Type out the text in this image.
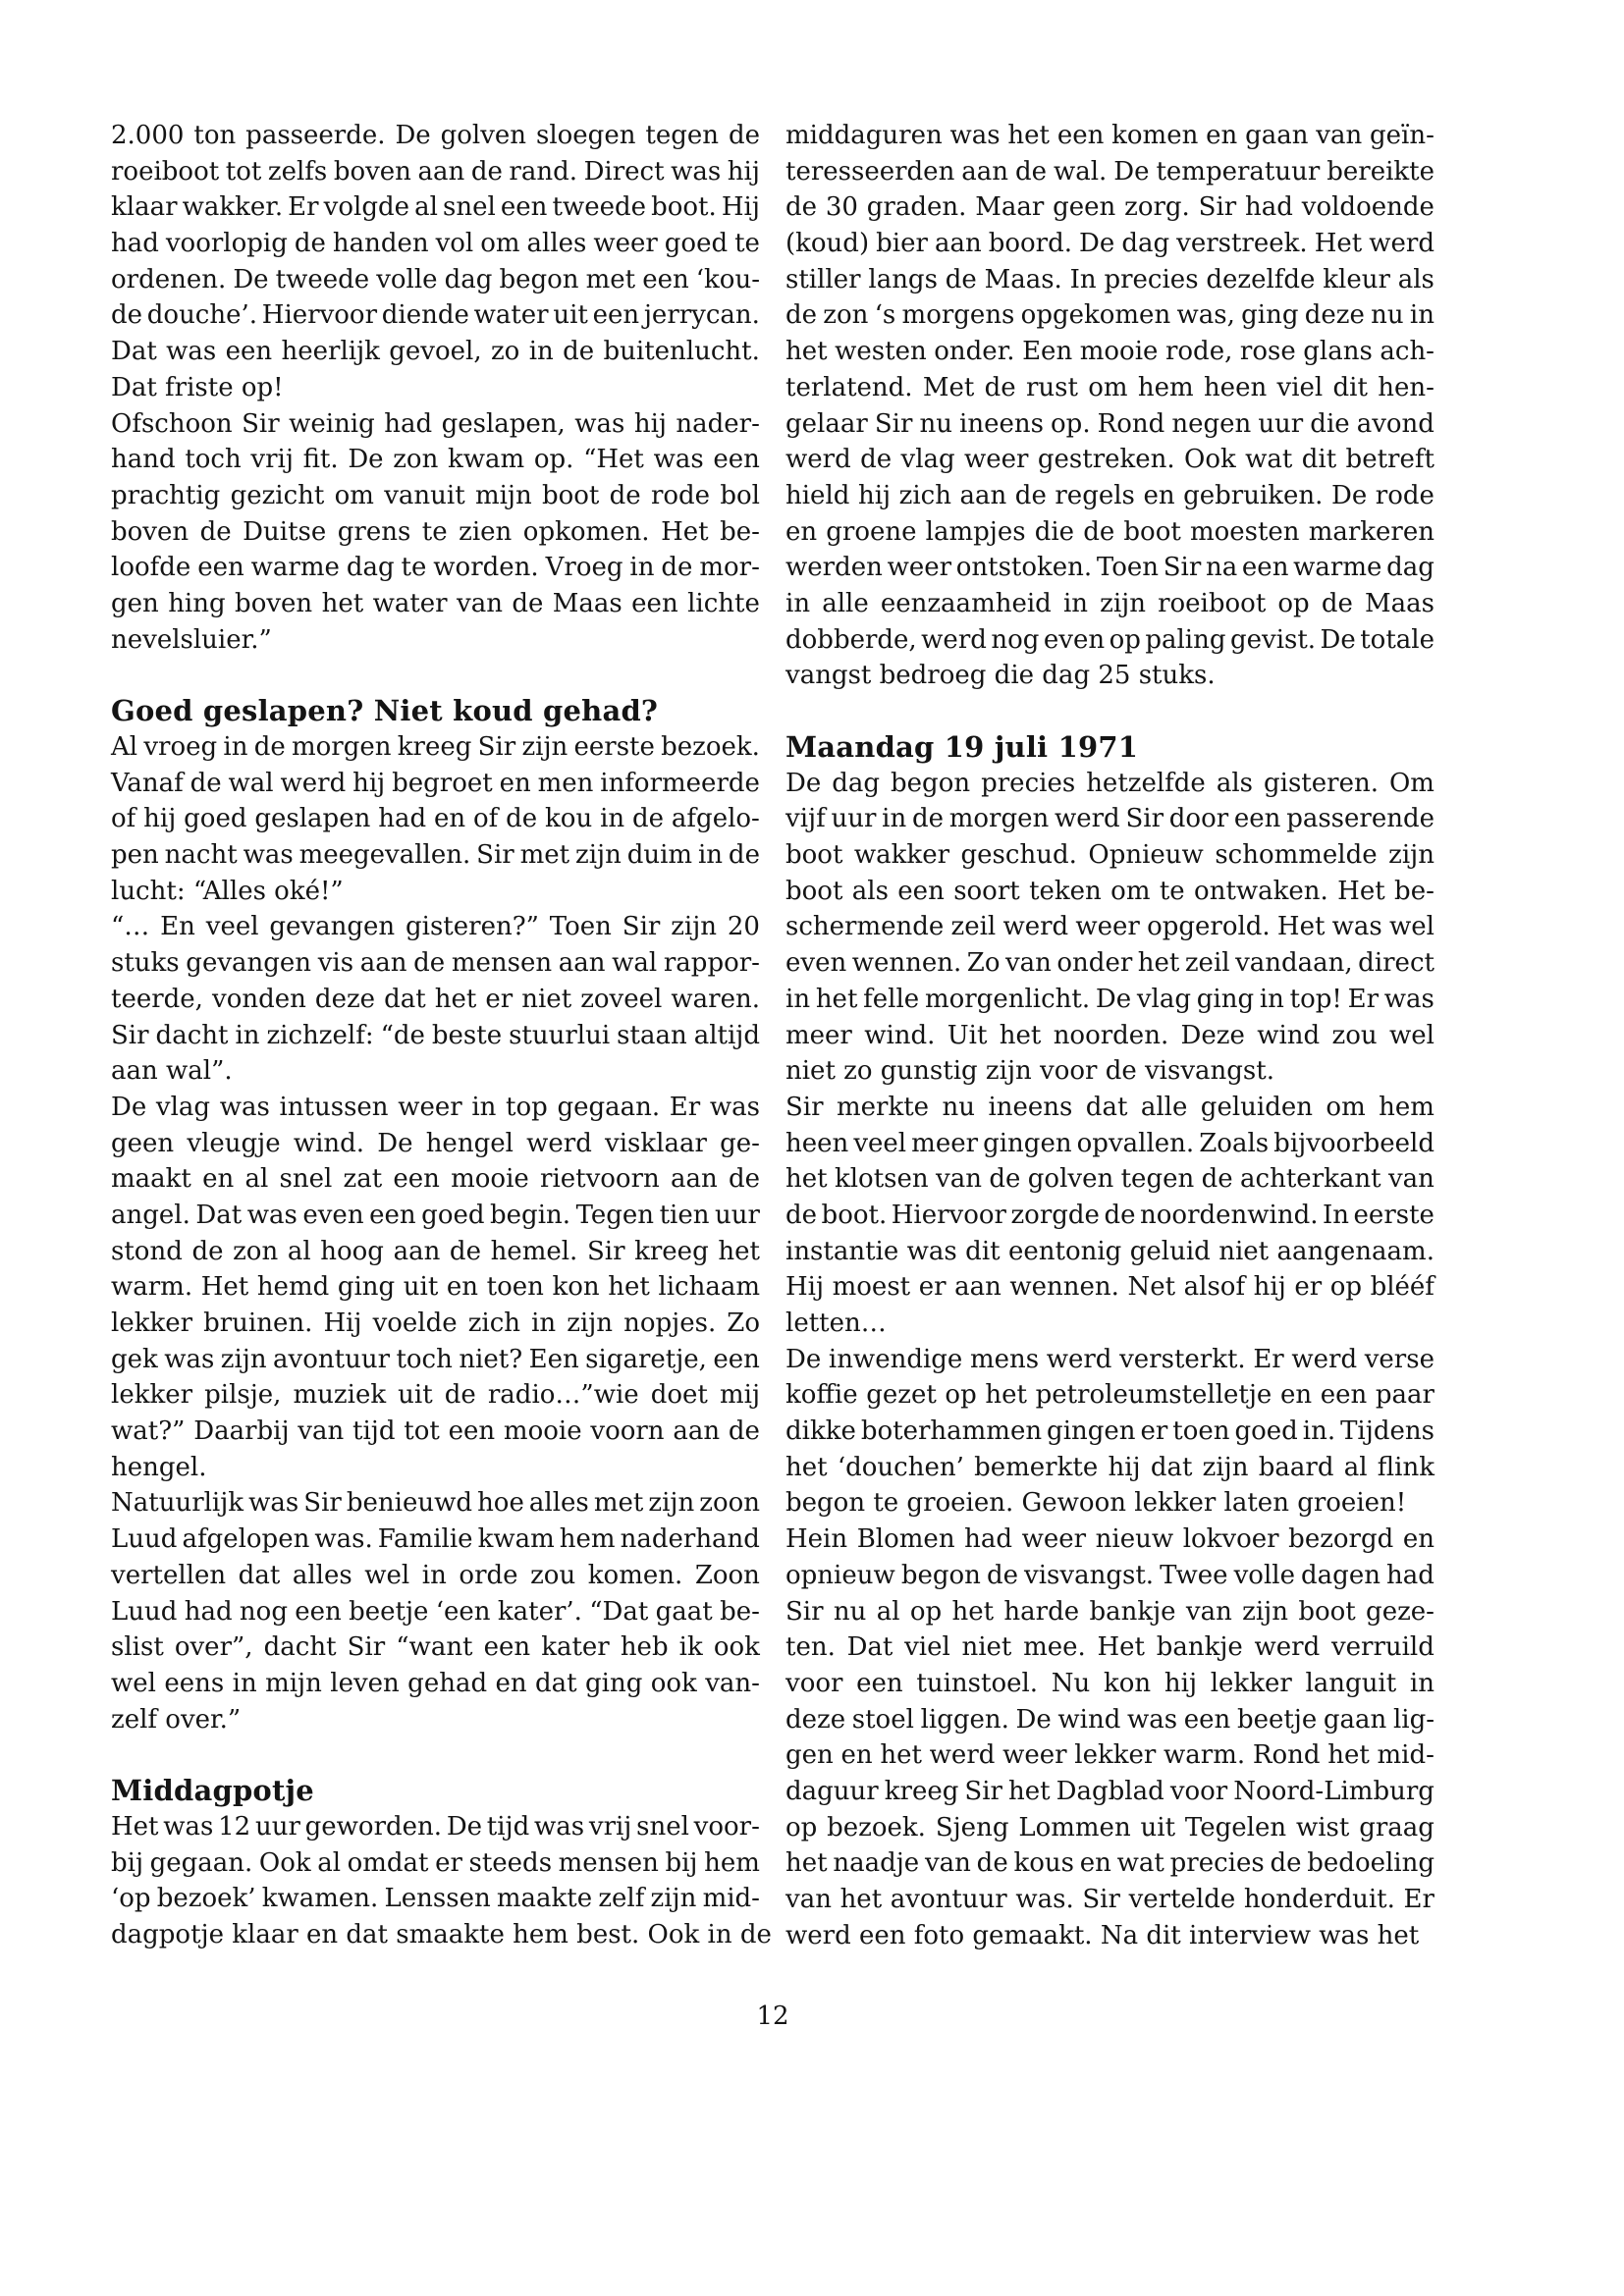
2.000 ton passeerde. De golven sloegen tegen de
roeiboot tot zelfs boven aan de rand. Direct was hij
klaar wakker. Er volgde al snel een tweede boot. Hij
had voorlopig de handen vol om alles weer goed te
ordenen. De tweede volle dag begon met een ‘kou-
de douche’. Hiervoor diende water uit een jerrycan.
Dat was een heerlijk gevoel, zo in de buitenlucht.
Dat friste op!
Ofschoon Sir weinig had geslapen, was hij nader-
hand toch vrij fit. De zon kwam op. “Het was een
prachtig gezicht om vanuit mijn boot de rode bol
boven de Duitse grens te zien opkomen. Het be-
loofde een warme dag te worden. Vroeg in de mor-
gen hing boven het water van de Maas een lichte
nevelsluier.”
Goed geslapen? Niet koud gehad?
Al vroeg in de morgen kreeg Sir zijn eerste bezoek.
Vanaf de wal werd hij begroet en men informeerde
of hij goed geslapen had en of de kou in de afgelo-
pen nacht was meegevallen. Sir met zijn duim in de
lucht: “Alles oké!”
“… En veel gevangen gisteren?” Toen Sir zijn 20
stuks gevangen vis aan de mensen aan wal rappor-
teerde, vonden deze dat het er niet zoveel waren.
Sir dacht in zichzelf: “de beste stuurlui staan altijd
aan wal”.
De vlag was intussen weer in top gegaan. Er was
geen vleugje wind. De hengel werd visklaar ge-
maakt en al snel zat een mooie rietvoorn aan de
angel. Dat was even een goed begin. Tegen tien uur
stond de zon al hoog aan de hemel. Sir kreeg het
warm. Het hemd ging uit en toen kon het lichaam
lekker bruinen. Hij voelde zich in zijn nopjes. Zo
gek was zijn avontuur toch niet? Een sigaretje, een
lekker pilsje, muziek uit de radio…”wie doet mij
wat?” Daarbij van tijd tot een mooie voorn aan de
hengel.
Natuurlijk was Sir benieuwd hoe alles met zijn zoon
Luud afgelopen was. Familie kwam hem naderhand
vertellen dat alles wel in orde zou komen. Zoon
Luud had nog een beetje ‘een kater’. “Dat gaat be-
slist over”, dacht Sir “want een kater heb ik ook
wel eens in mijn leven gehad en dat ging ook van-
zelf over.”
Middagpotje
Het was 12 uur geworden. De tijd was vrij snel voor-
bij gegaan. Ook al omdat er steeds mensen bij hem
‘op bezoek’ kwamen. Lenssen maakte zelf zijn mid-
dagpotje klaar en dat smaakte hem best. Ook in de
middaguren was het een komen en gaan van geïn-
teresseerden aan de wal. De temperatuur bereikte
de 30 graden. Maar geen zorg. Sir had voldoende
(koud) bier aan boord. De dag verstreek. Het werd
stiller langs de Maas. In precies dezelfde kleur als
de zon ‘s morgens opgekomen was, ging deze nu in
het westen onder. Een mooie rode, rose glans ach-
terlatend. Met de rust om hem heen viel dit hen-
gelaar Sir nu ineens op. Rond negen uur die avond
werd de vlag weer gestreken. Ook wat dit betreft
hield hij zich aan de regels en gebruiken. De rode
en groene lampjes die de boot moesten markeren
werden weer ontstoken. Toen Sir na een warme dag
in alle eenzaamheid in zijn roeiboot op de Maas
dobberde, werd nog even op paling gevist. De totale
vangst bedroeg die dag 25 stuks.
Maandag 19 juli 1971
De dag begon precies hetzelfde als gisteren. Om
vijf uur in de morgen werd Sir door een passerende
boot wakker geschud. Opnieuw schommelde zijn
boot als een soort teken om te ontwaken. Het be-
schermende zeil werd weer opgerold. Het was wel
even wennen. Zo van onder het zeil vandaan, direct
in het felle morgenlicht. De vlag ging in top! Er was
meer wind. Uit het noorden. Deze wind zou wel
niet zo gunstig zijn voor de visvangst.
Sir merkte nu ineens dat alle geluiden om hem
heen veel meer gingen opvallen. Zoals bijvoorbeeld
het klotsen van de golven tegen de achterkant van
de boot. Hiervoor zorgde de noordenwind. In eerste
instantie was dit eentonig geluid niet aangenaam.
Hij moest er aan wennen. Net alsof hij er op blééf
letten…
De inwendige mens werd versterkt. Er werd verse
koffie gezet op het petroleumstelletje en een paar
dikke boterhammen gingen er toen goed in. Tijdens
het ‘douchen’ bemerkte hij dat zijn baard al flink
begon te groeien. Gewoon lekker laten groeien!
Hein Blomen had weer nieuw lokvoer bezorgd en
opnieuw begon de visvangst. Twee volle dagen had
Sir nu al op het harde bankje van zijn boot geze-
ten. Dat viel niet mee. Het bankje werd verruild
voor een tuinstoel. Nu kon hij lekker languit in
deze stoel liggen. De wind was een beetje gaan lig-
gen en het werd weer lekker warm. Rond het mid-
daguur kreeg Sir het Dagblad voor Noord-Limburg
op bezoek. Sjeng Lommen uit Tegelen wist graag
het naadje van de kous en wat precies de bedoeling
van het avontuur was. Sir vertelde honderduit. Er
werd een foto gemaakt. Na dit interview was het
12
